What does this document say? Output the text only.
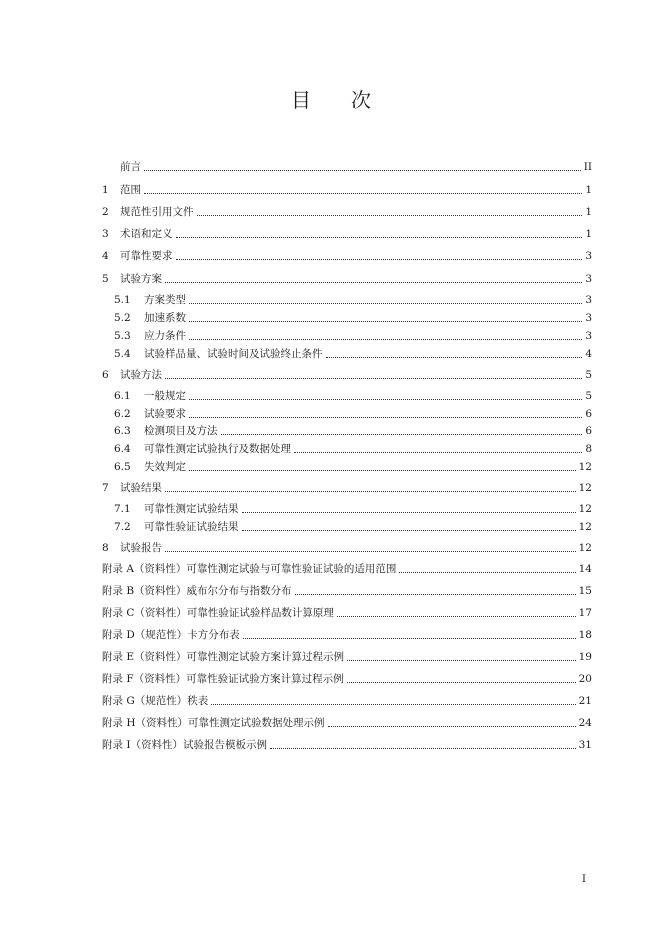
目 次
前言	II
1	范围	1
2	规范性引用文件	1
3	术语和定义	1
4	可靠性要求	3
5	试验方案	3
5.1	方案类型	3
5.2	加速系数	3
5.3	应力条件	3
5.4	试验样品量、试验时间及试验终止条件	4
6	试验方法	5
6.1	一般规定	5
6.2	试验要求	6
6.3	检测项目及方法	6
6.4	可靠性测定试验执行及数据处理	8
6.5	失效判定	12
7	试验结果	12
7.1	可靠性测定试验结果	12
7.2	可靠性验证试验结果	12
8	试验报告	12
附录 A（资料性）可靠性测定试验与可靠性验证试验的适用范围	14
附录 B（资料性）威布尔分布与指数分布	15
附录 C（资料性）可靠性验证试验样品数计算原理	17
附录 D（规范性）卡方分布表	18
附录 E（资料性）可靠性测定试验方案计算过程示例	19
附录 F（资料性）可靠性验证试验方案计算过程示例	20
附录 G（规范性）秩表	21
附录 H（资料性）可靠性测定试验数据处理示例	24
附录 I（资料性）试验报告模板示例	31
I
